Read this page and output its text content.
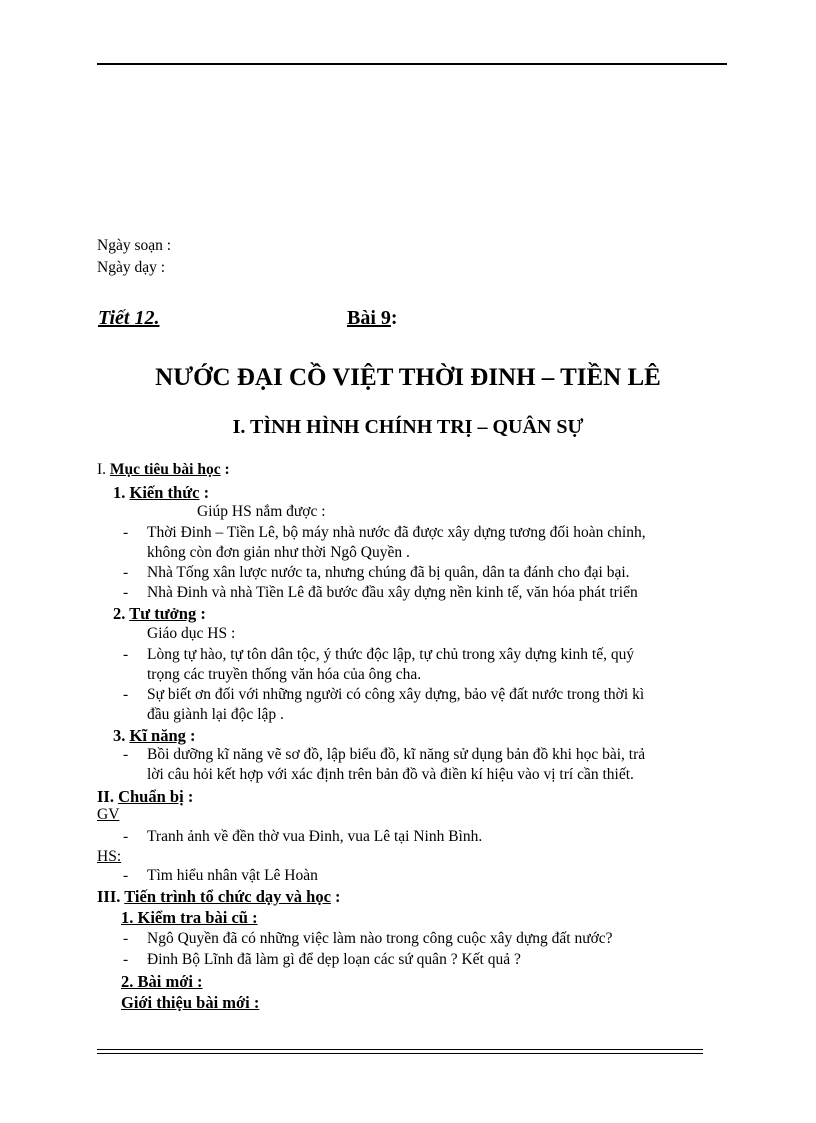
Ngày soạn :
Ngày dạy :
Tiết 12.	Bài 9:
NƯỚC ĐẠI CỒ VIỆT THỜI ĐINH – TIỀN LÊ
I. TÌNH HÌNH CHÍNH TRỊ – QUÂN SỰ
I. Mục tiêu bài học :
1. Kiến thức :
Giúp HS nắm được :
- Thời Đinh – Tiền Lê, bộ máy nhà nước đã được xây dựng tương đối hoàn chỉnh,
không còn đơn giản như thời Ngô Quyền .
- Nhà Tống xân lược nước ta, nhưng chúng đã bị quân, dân ta đánh cho đại bại.
- Nhà Đinh và nhà Tiền Lê đã bước đầu xây dựng nền kinh tế, văn hóa phát triển
2. Tư tưởng :
Giáo dục HS :
- Lòng tự hào, tự tôn dân tộc, ý thức độc lập, tự chủ trong xây dựng kinh tế, quý
trọng các truyền thống văn hóa của ông cha.
- Sự biết ơn đối với những người có công xây dựng, bảo vệ đất nước trong thời kì
đầu giành lại độc lập .
3. Kĩ năng :
- Bồi dưỡng kĩ năng vẽ sơ đồ, lập biểu đồ, kĩ năng sử dụng bản đồ khi học bài, trả
lời câu hỏi kết hợp với xác định trên bản đồ và điền kí hiệu vào vị trí cần thiết.
II. Chuẩn bị :
GV
- Tranh ảnh về đền thờ vua Đinh, vua Lê tại Ninh Bình.
HS:
- Tìm hiểu nhân vật Lê Hoàn
III. Tiến trình tổ chức dạy và học :
1. Kiểm tra bài cũ :
- Ngô Quyền đã có những việc làm nào trong công cuộc xây dựng đất nước?
- Đinh Bộ Lĩnh đã làm gì để dẹp loạn các sứ quân ? Kết quả ?
2. Bài mới :
Giới thiệu bài mới :
